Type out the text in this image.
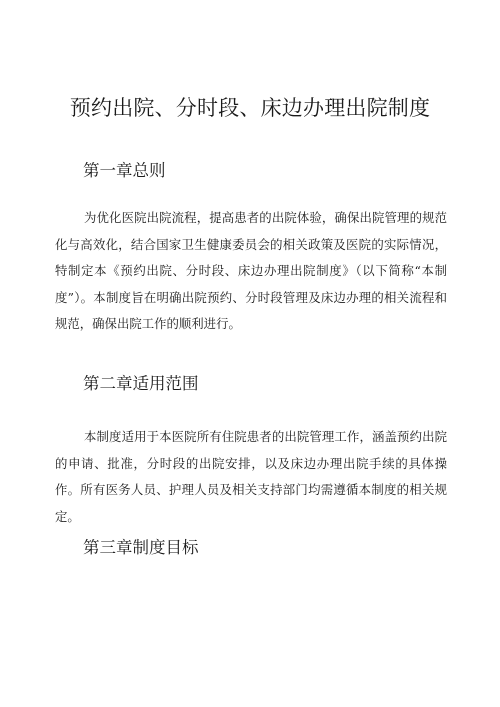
预约出院、分时段、床边办理出院制度
第一章总则

为优化医院出院流程，提高患者的出院体验，确保出院管理的规范化与高效化，结合国家卫生健康委员会的相关政策及医院的实际情况，特制定本《预约出院、分时段、床边办理出院制度》（以下简称“本制度”）。本制度旨在明确出院预约、分时段管理及床边办理的相关流程和规范，确保出院工作的顺利进行。

第二章适用范围

本制度适用于本医院所有住院患者的出院管理工作，涵盖预约出院的申请、批准，分时段的出院安排，以及床边办理出院手续的具体操作。所有医务人员、护理人员及相关支持部门均需遵循本制度的相关规定。

第三章制度目标
